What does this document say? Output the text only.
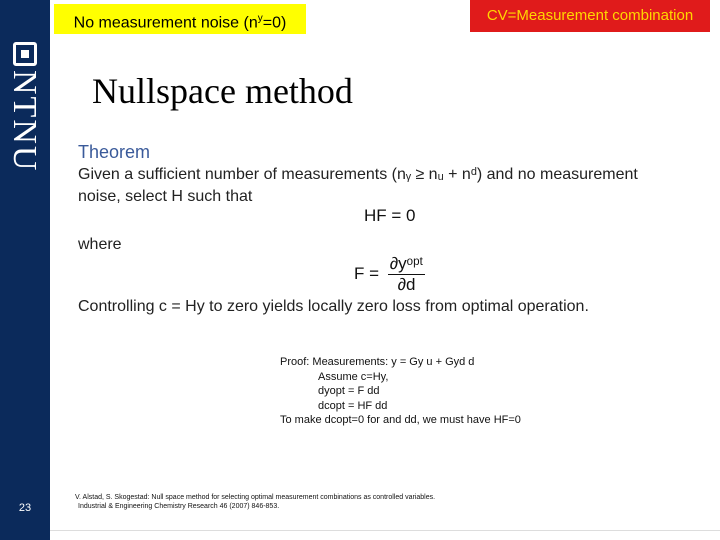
NTNU
23
No measurement noise $(n^y=0)$	CV=Measurement combination
Nullspace method
Theorem
Given a sufficient number of measurements (nᵧ ≥ nᵤ + nᵈ) and no measurement
noise, select H such that
HF = 0
where
$F = \frac{\text{∂yᵒᵖᵗ}}{\partial d}$
Controlling c = Hy to zero yields locally zero loss from optimal operation.
Proof: Measurements: y = Gy u + Gyd d
Assume c=Hy,
dyopt = F dd
dcopt = HF dd
To make dcopt=0 for and dd, we must have HF=0
V. Alstad, S. Skogestad: Null space method for selecting optimal measurement combinations as controlled variables.
Industrial & Engineering Chemistry Research 46 (2007) 846-853.
